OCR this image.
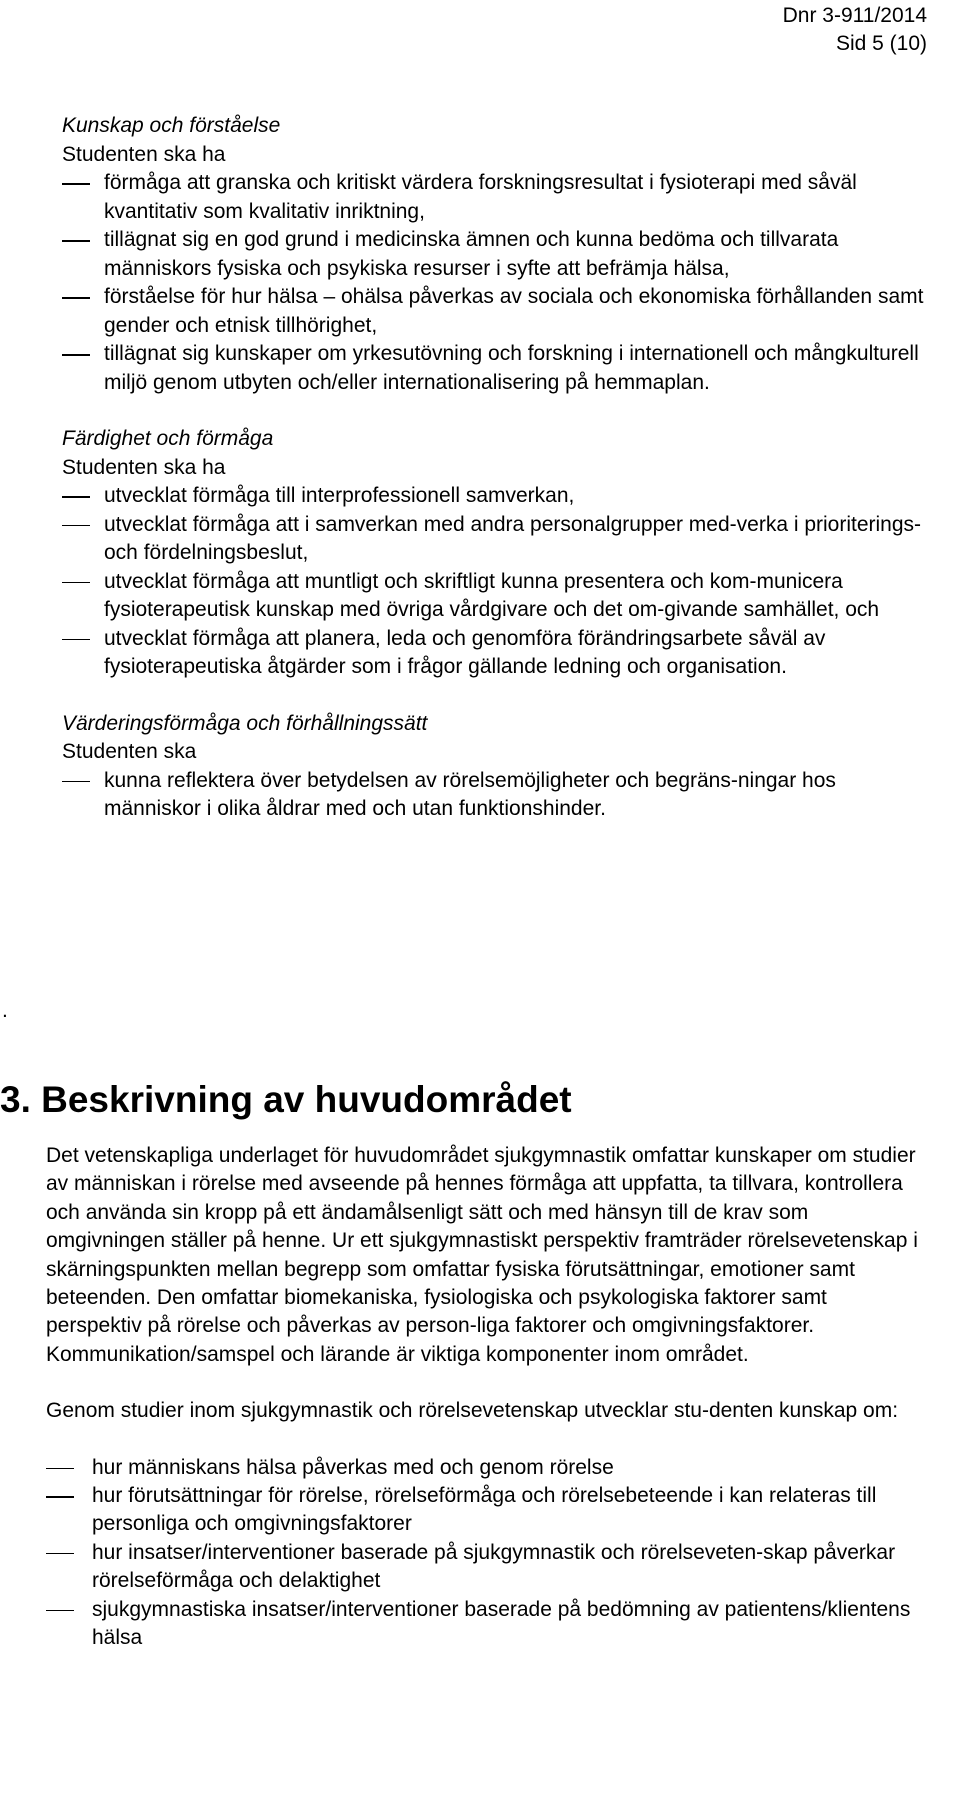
Dnr 3-911/2014
Sid 5 (10)
Kunskap och förståelse
Studenten ska ha
förmåga att granska och kritiskt värdera forskningsresultat i fysioterapi med såväl kvantitativ som kvalitativ inriktning,
tillägnat sig en god grund i medicinska ämnen och kunna bedöma och tillvarata människors fysiska och psykiska resurser i syfte att befrämja hälsa,
förståelse för hur hälsa – ohälsa påverkas av sociala och ekonomiska förhållanden samt gender och etnisk tillhörighet,
tillägnat sig kunskaper om yrkesutövning och forskning i internationell och mångkulturell miljö genom utbyten och/eller internationalisering på hemmaplan.
Färdighet och förmåga
Studenten ska ha
utvecklat förmåga till interprofessionell samverkan,
utvecklat förmåga att i samverkan med andra personalgrupper med-verka i prioriterings- och fördelningsbeslut,
utvecklat förmåga att muntligt och skriftligt kunna presentera och kom-municera fysioterapeutisk kunskap med övriga vårdgivare och det om-givande samhället, och
utvecklat förmåga att planera, leda och genomföra förändringsarbete såväl av fysioterapeutiska åtgärder som i frågor gällande ledning och organisation.
Värderingsförmåga och förhållningssätt
Studenten ska
kunna reflektera över betydelsen av rörelsemöjligheter och begräns-ningar hos människor i olika åldrar med och utan funktionshinder.
.
3. Beskrivning av huvudområdet

Det vetenskapliga underlaget för huvudområdet sjukgymnastik omfattar kunskaper om studier av människan i rörelse med avseende på hennes förmåga att uppfatta, ta tillvara, kontrollera och använda sin kropp på ett ändamålsenligt sätt och med hänsyn till de krav som omgivningen ställer på henne. Ur ett sjukgymnastiskt perspektiv framträder rörelsevetenskap i skärningspunkten mellan begrepp som omfattar fysiska förutsättningar, emotioner samt beteenden. Den omfattar biomekaniska, fysiologiska och psykologiska faktorer samt perspektiv på rörelse och påverkas av person-liga faktorer och omgivningsfaktorer. Kommunikation/samspel och lärande är viktiga komponenter inom området.

Genom studier inom sjukgymnastik och rörelsevetenskap utvecklar stu-denten kunskap om:

hur människans hälsa påverkas med och genom rörelse
hur förutsättningar för rörelse, rörelseförmåga och rörelsebeteende i kan relateras till personliga och omgivningsfaktorer
hur insatser/interventioner baserade på sjukgymnastik och rörelseveten-skap påverkar rörelseförmåga och delaktighet
sjukgymnastiska insatser/interventioner baserade på bedömning av patientens/klientens hälsa
